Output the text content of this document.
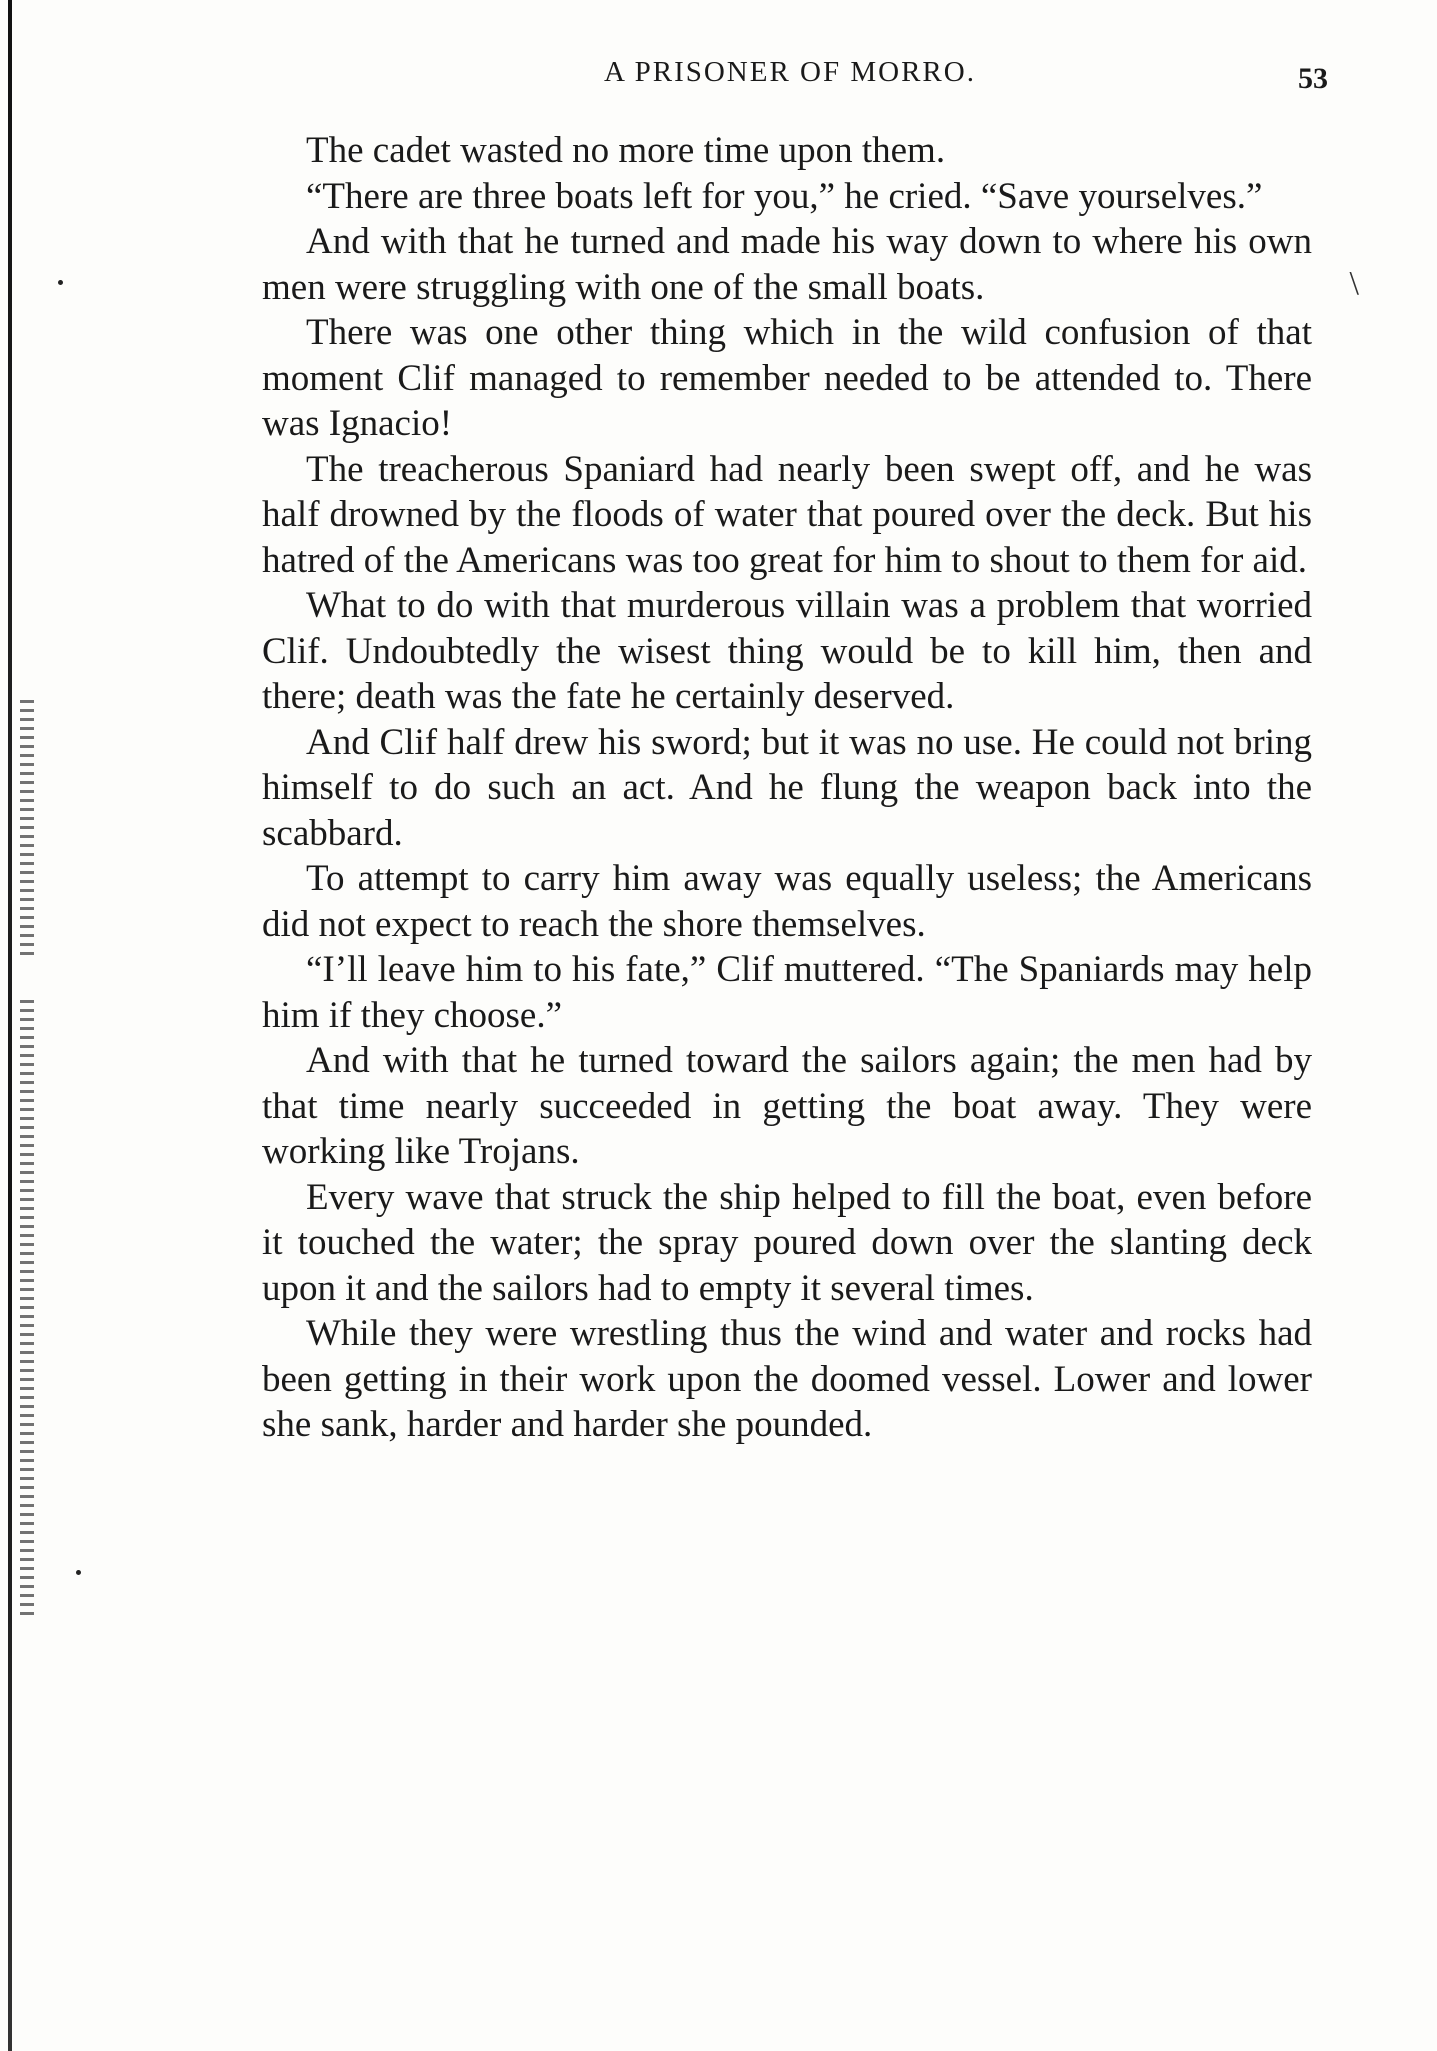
A PRISONER OF MORRO.	53
\

The cadet wasted no more time upon them.

“There are three boats left for you,” he cried. “Save yourselves.”

And with that he turned and made his way down to where his own men were struggling with one of the small boats.

There was one other thing which in the wild confusion of that moment Clif managed to remember needed to be attended to. There was Ignacio!

The treacherous Spaniard had nearly been swept off, and he was half drowned by the floods of water that poured over the deck. But his hatred of the Americans was too great for him to shout to them for aid.

What to do with that murderous villain was a problem that worried Clif. Undoubtedly the wisest thing would be to kill him, then and there; death was the fate he certainly deserved.

And Clif half drew his sword; but it was no use. He could not bring himself to do such an act. And he flung the weapon back into the scabbard.

To attempt to carry him away was equally useless; the Americans did not expect to reach the shore themselves.

“I’ll leave him to his fate,” Clif muttered. “The Spaniards may help him if they choose.”

And with that he turned toward the sailors again; the men had by that time nearly succeeded in getting the boat away. They were working like Trojans.

Every wave that struck the ship helped to fill the boat, even before it touched the water; the spray poured down over the slanting deck upon it and the sailors had to empty it several times.

While they were wrestling thus the wind and water and rocks had been getting in their work upon the doomed vessel. Lower and lower she sank, harder and harder she pounded.
